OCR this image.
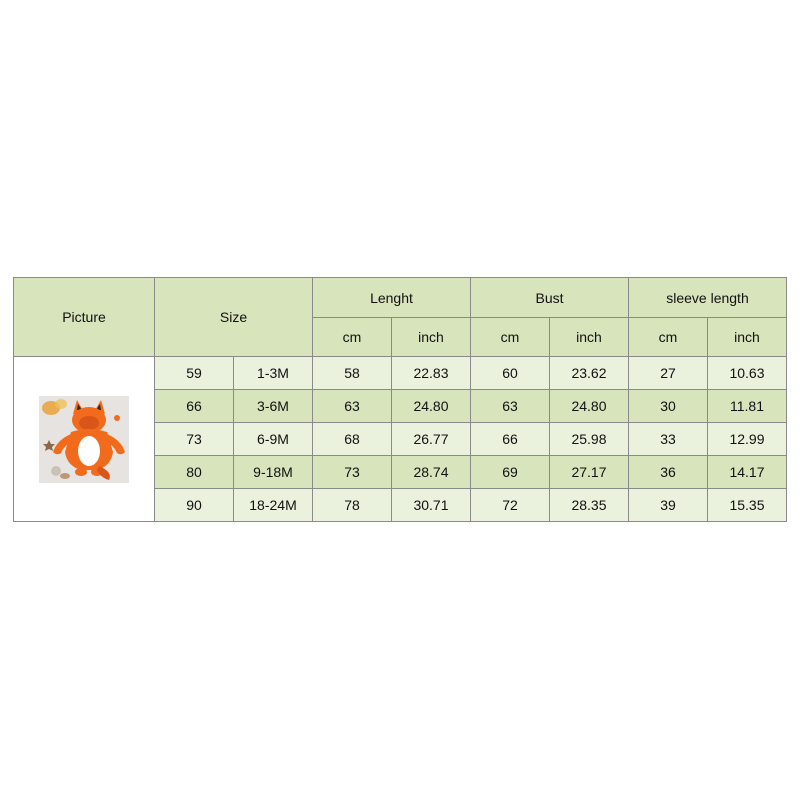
Picture	Size		Lenght		Bust		sleeve length	
			cm	inch	cm	inch	cm	inch

	59	1-3M	58	22.83	60	23.62	27	10.63
	66	3-6M	63	24.80	63	24.80	30	11.81
	73	6-9M	68	26.77	66	25.98	33	12.99
	80	9-18M	73	28.74	69	27.17	36	14.17
	90	18-24M	78	30.71	72	28.35	39	15.35
